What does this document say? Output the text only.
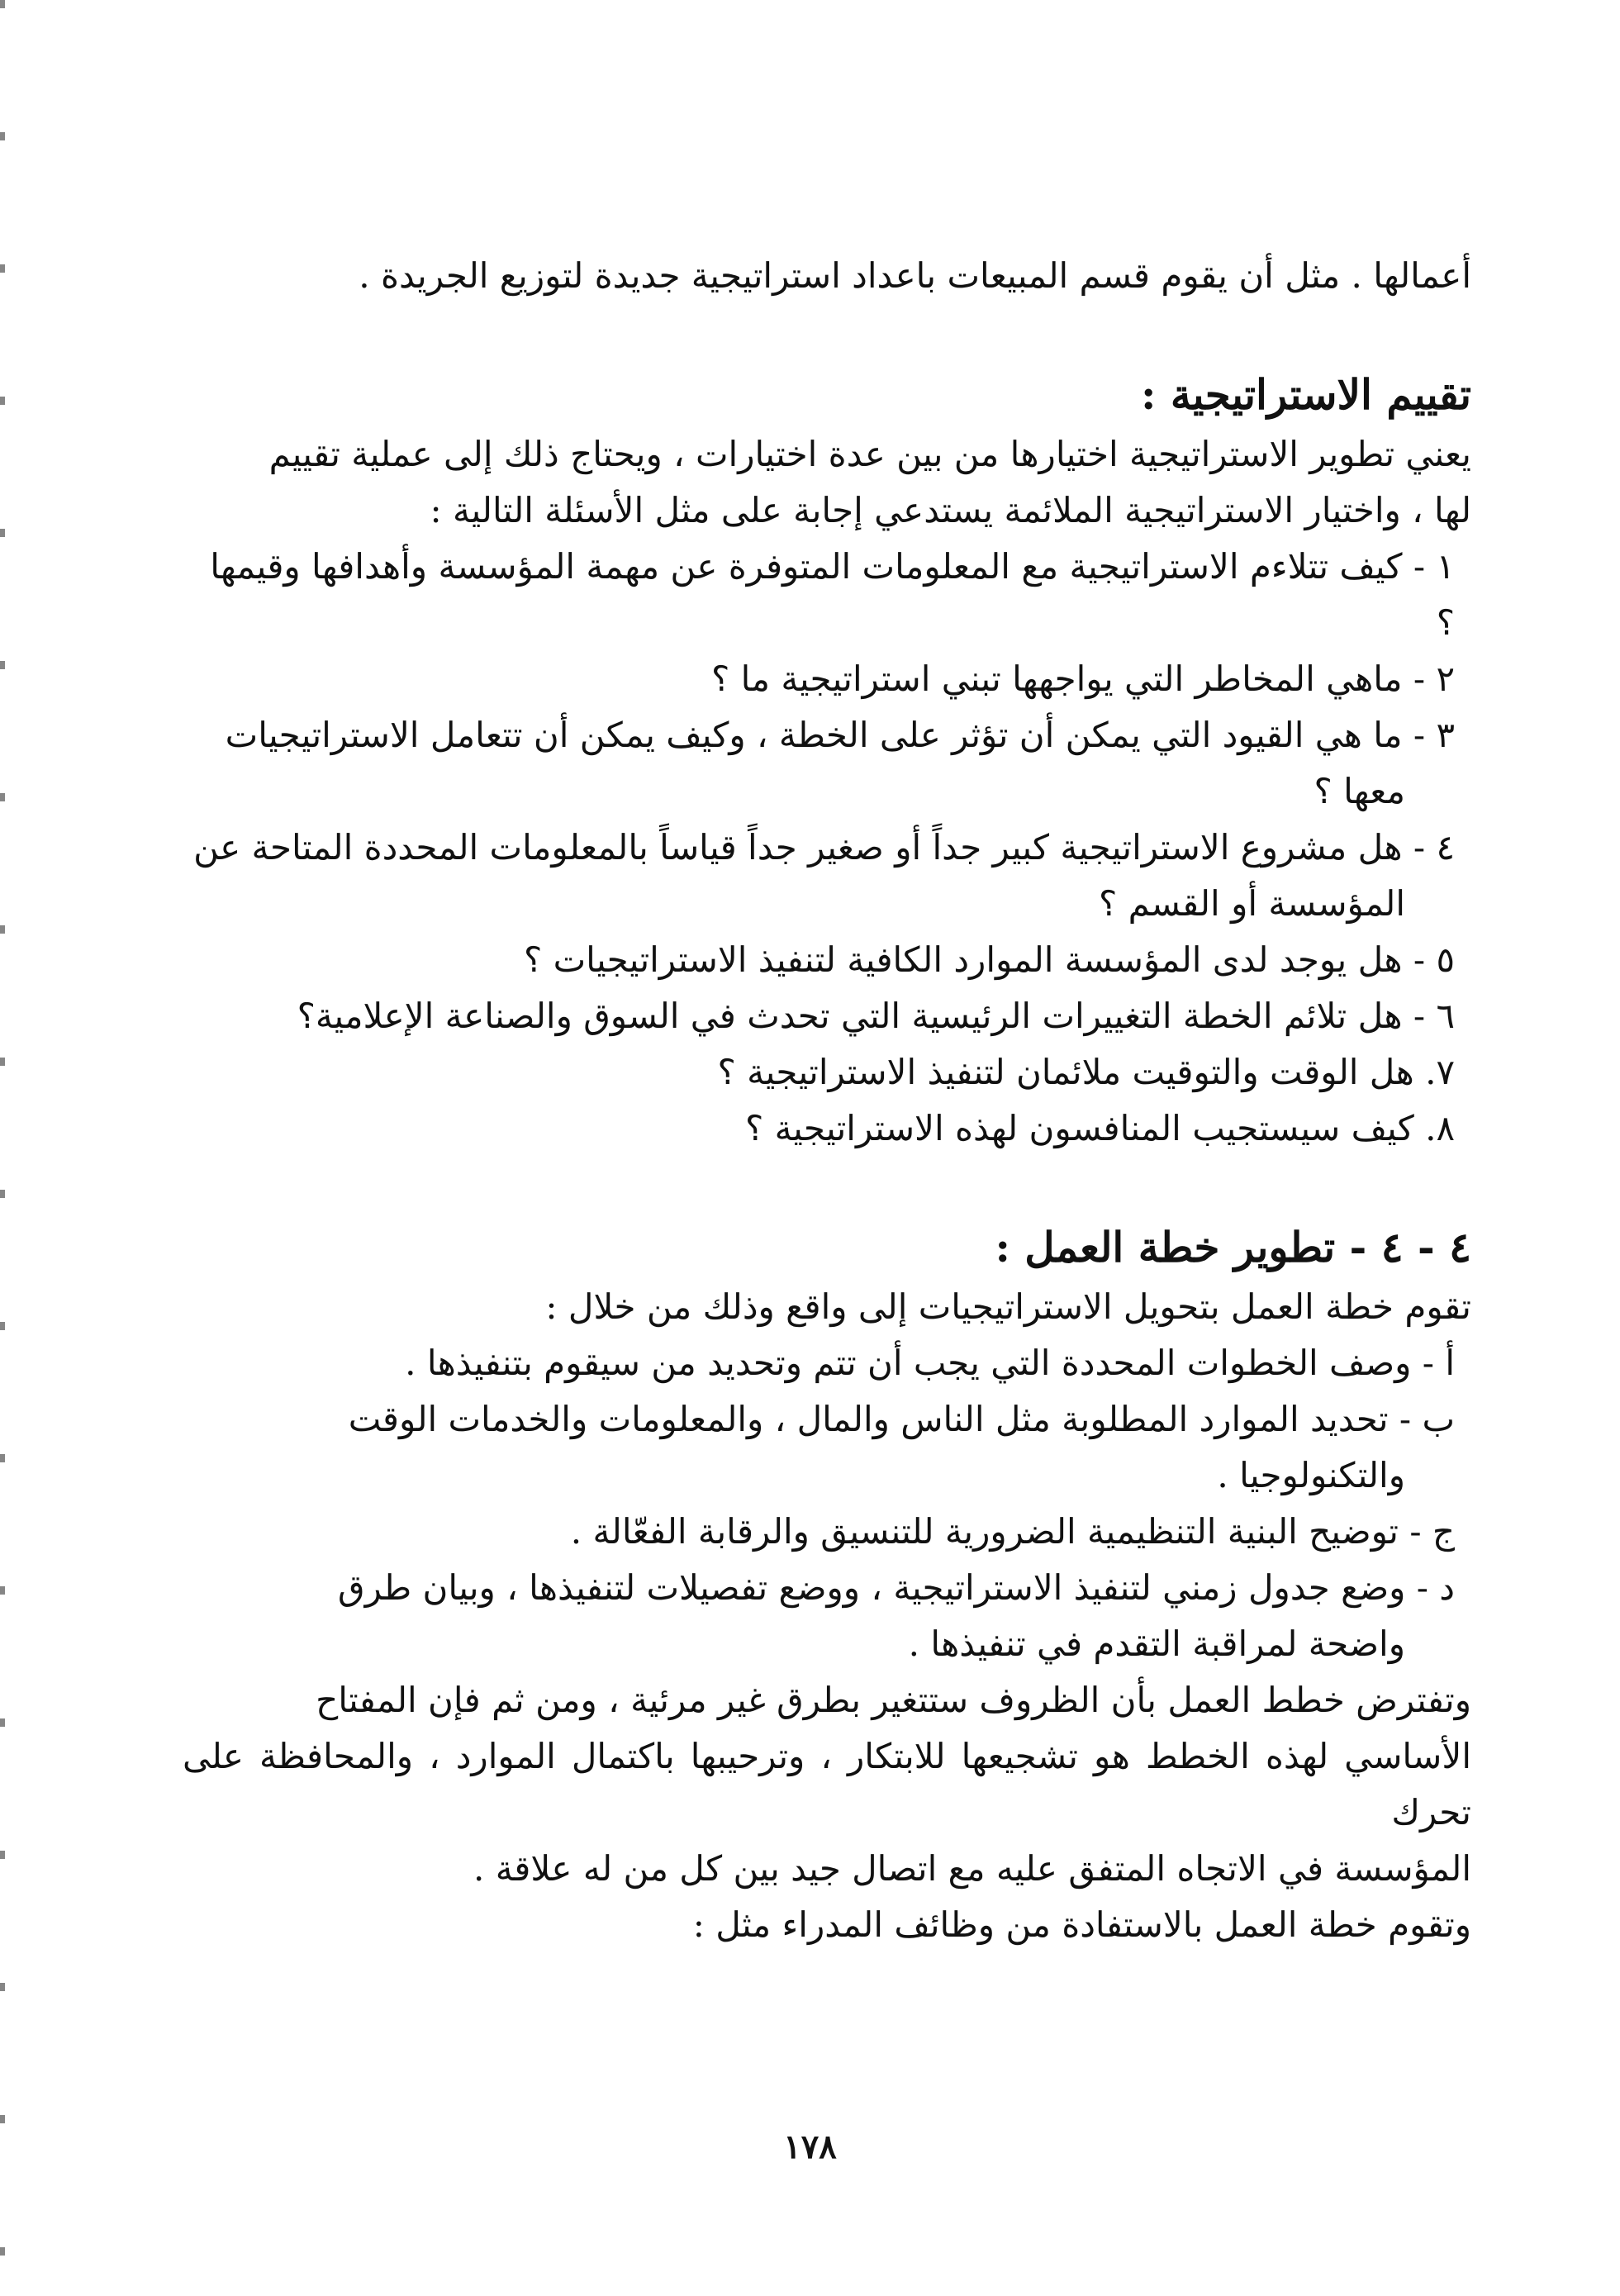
أعمالها . مثل أن يقوم قسم المبيعات باعداد استراتيجية جديدة لتوزيع الجريدة .

تقييم الاستراتيجية :

يعني تطوير الاستراتيجية اختيارها من بين عدة اختيارات ، ويحتاج ذلك إلى عملية تقييم

لها ، واختيار الاستراتيجية الملائمة يستدعي إجابة على مثل الأسئلة التالية :

١ - كيف تتلاءم الاستراتيجية مع المعلومات المتوفرة عن مهمة المؤسسة وأهدافها وقيمها ؟

٢ - ماهي المخاطر التي يواجهها تبني استراتيجية ما ؟

٣ - ما هي القيود التي يمكن أن تؤثر على الخطة ، وكيف يمكن أن تتعامل الاستراتيجيات
معها ؟

٤ - هل مشروع الاستراتيجية كبير جداً أو صغير جداً قياساً بالمعلومات المحددة المتاحة عن
المؤسسة أو القسم ؟

٥ - هل يوجد لدى المؤسسة الموارد الكافية لتنفيذ الاستراتيجيات ؟

٦ - هل تلائم الخطة التغييرات الرئيسية التي تحدث في السوق والصناعة الإعلامية؟

٧. هل الوقت والتوقيت ملائمان لتنفيذ الاستراتيجية ؟

٨. كيف سيستجيب المنافسون لهذه الاستراتيجية ؟

٤ - ٤ - تطوير خطة العمل :

تقوم خطة العمل بتحويل الاستراتيجيات إلى واقع وذلك من خلال :

أ - وصف الخطوات المحددة التي يجب أن تتم وتحديد من سيقوم بتنفيذها .

ب - تحديد الموارد المطلوبة مثل الناس والمال ، والمعلومات والخدمات الوقت
والتكنولوجيا .

ج - توضيح البنية التنظيمية الضرورية للتنسيق والرقابة الفعّالة .

د - وضع جدول زمني لتنفيذ الاستراتيجية ، ووضع تفصيلات لتنفيذها ، وبيان طرق
واضحة لمراقبة التقدم في تنفيذها .

وتفترض خطط العمل بأن الظروف ستتغير بطرق غير مرئية ، ومن ثم فإن المفتاح

الأساسي لهذه الخطط هو تشجيعها للابتكار ، وترحيبها باكتمال الموارد ، والمحافظة على تحرك

المؤسسة في الاتجاه المتفق عليه مع اتصال جيد بين كل من له علاقة .

وتقوم خطة العمل بالاستفادة من وظائف المدراء مثل :

١٧٨
